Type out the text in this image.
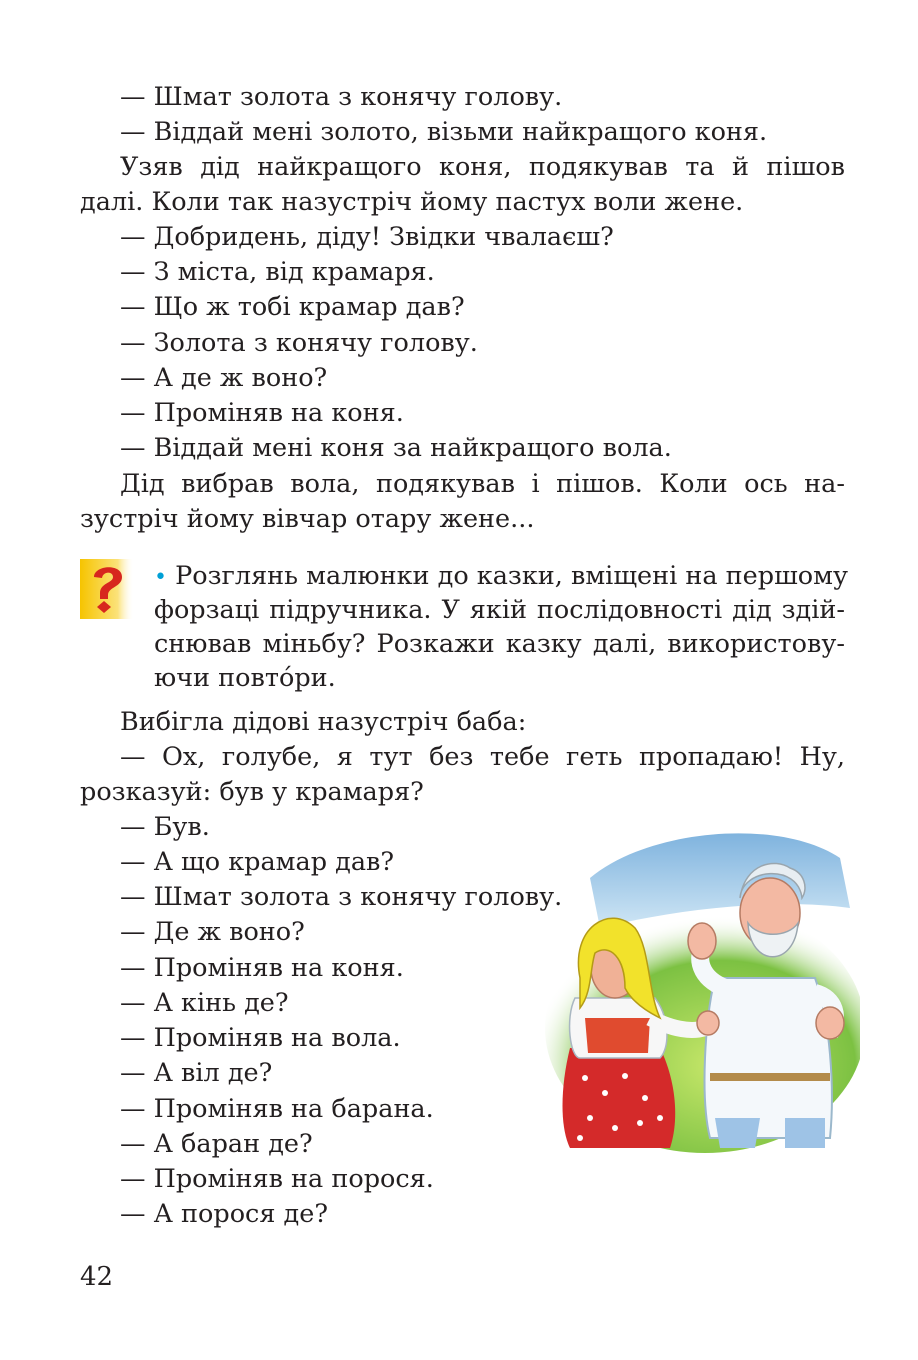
— Шмат золота з конячу голову.
— Віддай мені золото, візьми найкращого коня.
Узяв дід найкращого коня, подякував та й пішов
далі. Коли так назустріч йому пастух воли жене.
— Добридень, діду! Звідки чвалаєш?
— З міста, від крамаря.
— Що ж тобі крамар дав?
— Золота з конячу голову.
— А де ж воно?
— Проміняв на коня.
— Віддай мені коня за найкращого вола.
Дід вибрав вола, подякував і пішов. Коли ось на-
зустріч йому вівчар отару жене...
• Розглянь малюнки до казки, вміщені на першому
форзаці підручника. У якій послідовності дід здій-
снював міньбу? Розкажи казку далі, використову-
ючи повтóри.
Вибігла дідові назустріч баба:
— Ох, голубе, я тут без тебе геть пропадаю! Ну,
розказуй: був у крамаря?
— Був.
— А що крамар дав?
— Шмат золота з конячу голову.
— Де ж воно?
— Проміняв на коня.
— А кінь де?
— Проміняв на вола.
— А віл де?
— Проміняв на барана.
— А баран де?
— Проміняв на порося.
— А порося де?
42
